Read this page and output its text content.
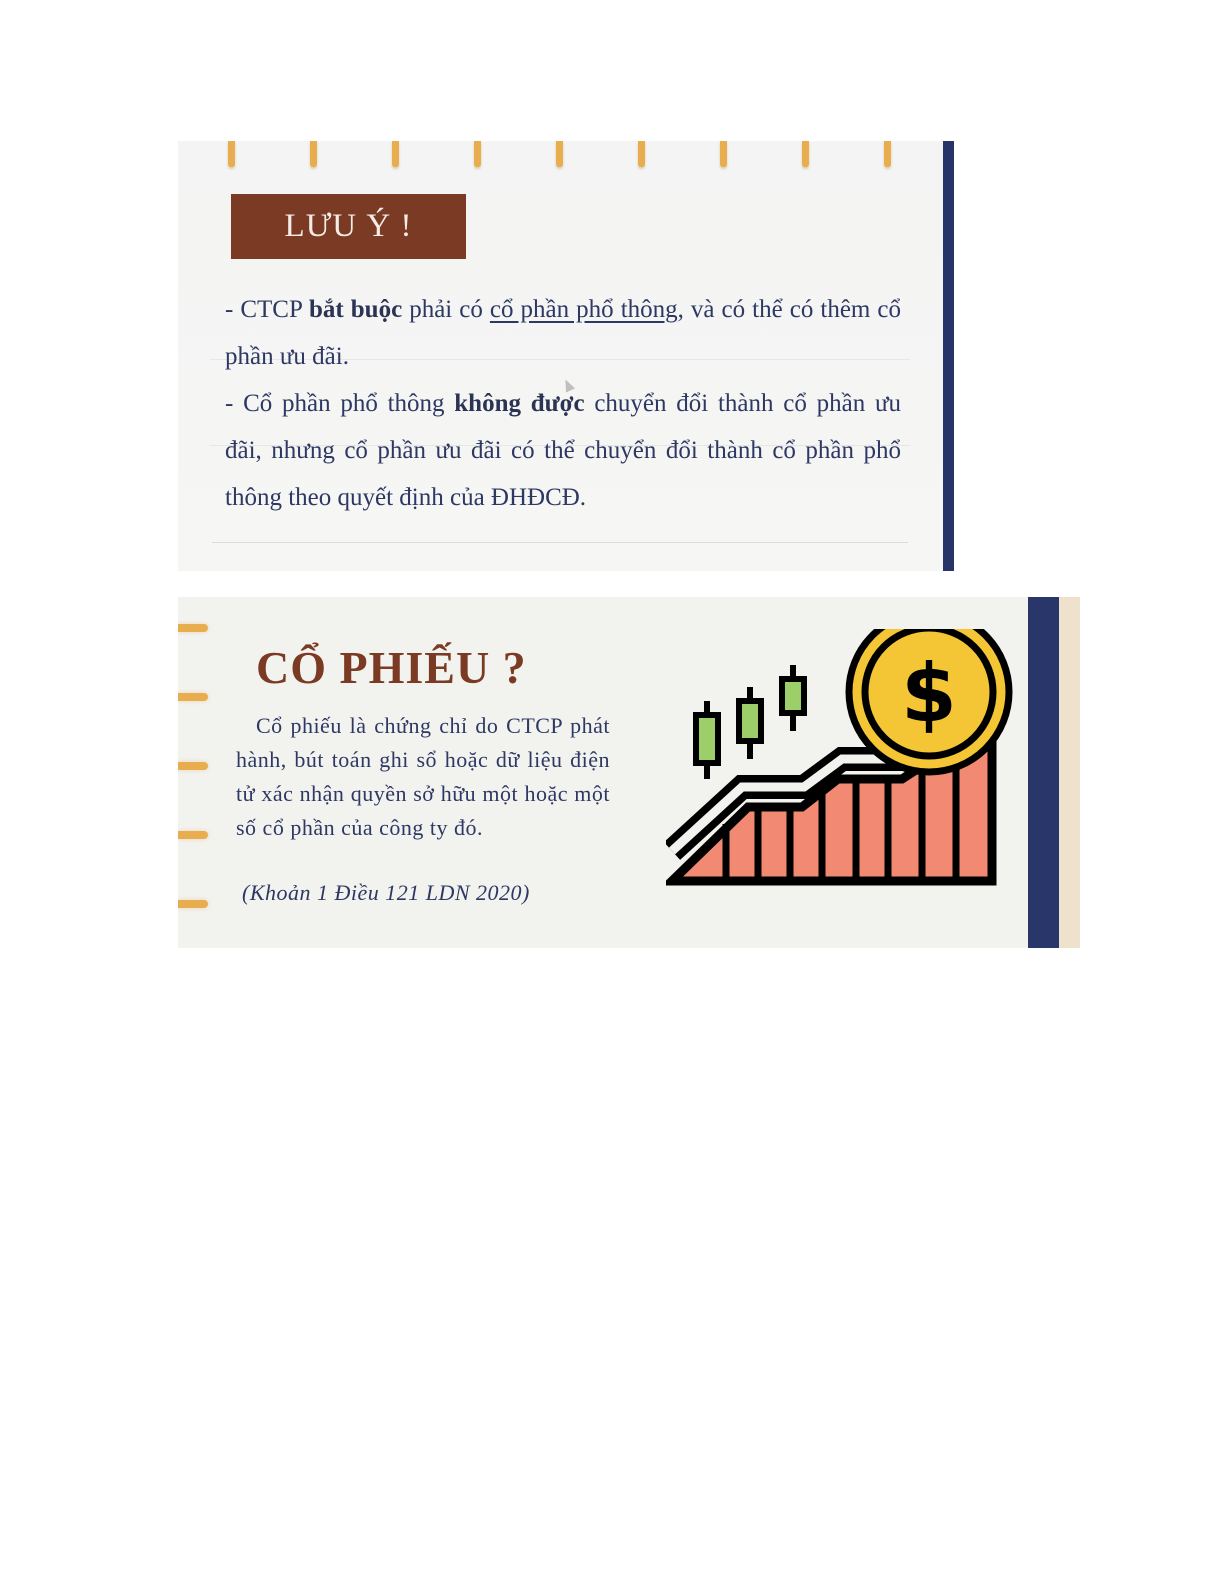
LƯU Ý !

- CTCP bắt buộc phải có cổ phần phổ thông, và có thể có thêm cổ phần ưu đãi.

- Cổ phần phổ thông không được chuyển đổi thành cổ phần ưu đãi, nhưng cổ phần ưu đãi có thể chuyển đổi thành cổ phần phổ thông theo quyết định của ĐHĐCĐ.

CỔ PHIẾU ?
Cổ phiếu là chứng chỉ do CTCP phát hành, bút toán ghi sổ hoặc dữ liệu điện tử xác nhận quyền sở hữu một hoặc một số cổ phần của công ty đó.
(Khoản 1 Điều 121 LDN 2020)
$
